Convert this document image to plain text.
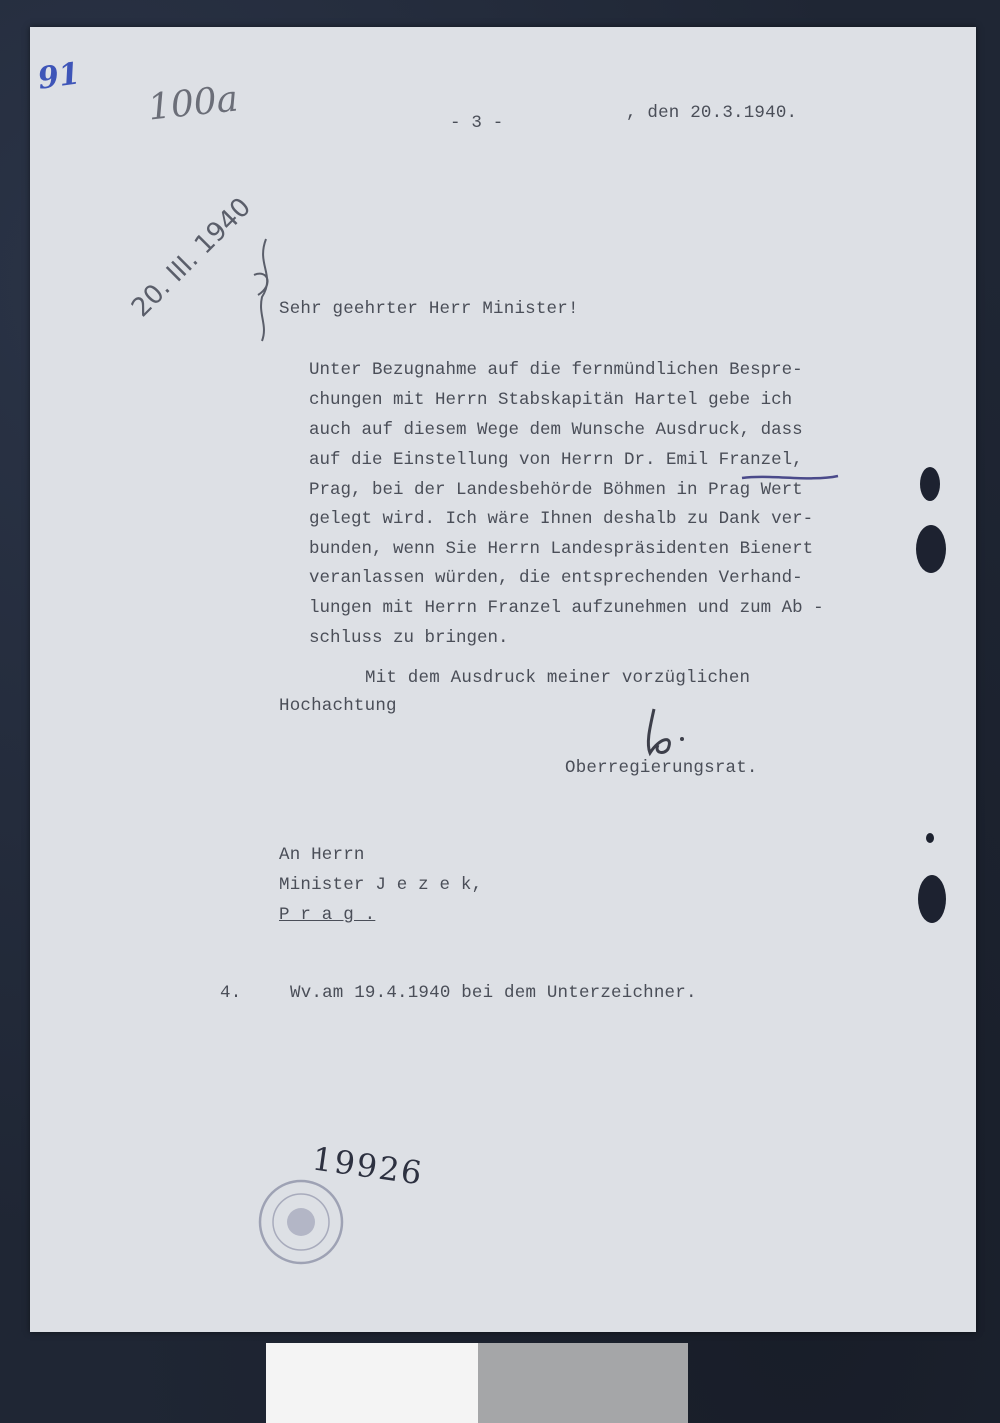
91
100a	- 3 -	, den 20.3.1940.
20. III. 1940 Sehr geehrter Herr Minister!
Unter Bezugnahme auf die fernmündlichen Bespre-
chungen mit Herrn Stabskapitän Hartel gebe ich
auch auf diesem Wege dem Wunsche Ausdruck, dass
auf die Einstellung von Herrn Dr. Emil Franzel,
Prag, bei der Landesbehörde Böhmen in Prag Wert
gelegt wird. Ich wäre Ihnen deshalb zu Dank ver-
bunden, wenn Sie Herrn Landespräsidenten Bienert
veranlassen würden, die entsprechenden Verhand-
lungen mit Herrn Franzel aufzunehmen und zum Ab -
schluss zu bringen.
Mit dem Ausdruck meiner vorzüglichen
Hochachtung
Oberregierungsrat.
An Herrn
Minister J e z e k,
P r a g .
4.	Wv.am 19.4.1940 bei dem Unterzeichner.
19926
